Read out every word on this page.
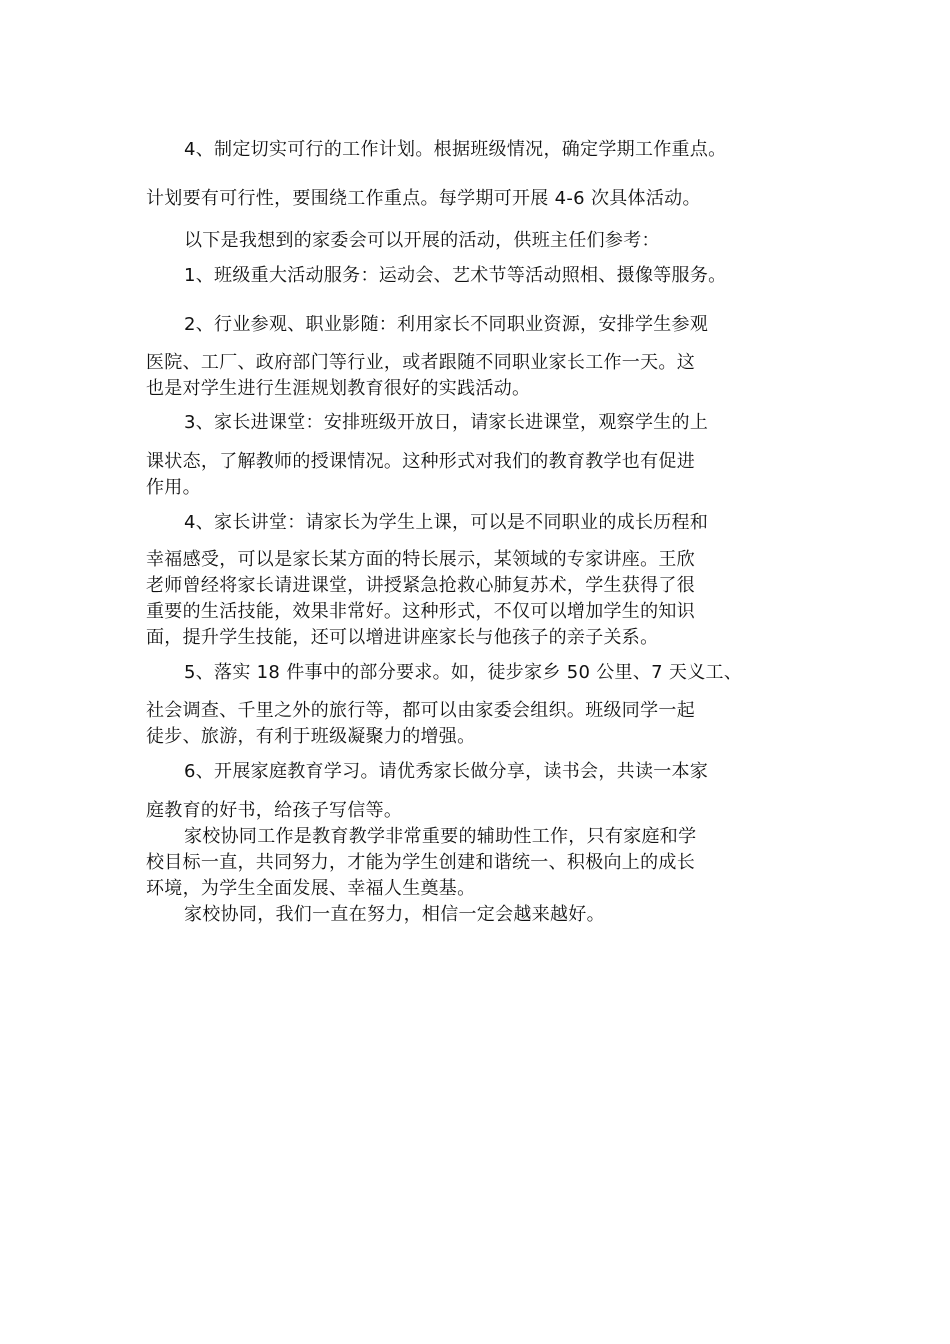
4、制定切实可行的工作计划。根据班级情况，确定学期工作重点。
计划要有可行性，要围绕工作重点。每学期可开展 4-6 次具体活动。
以下是我想到的家委会可以开展的活动，供班主任们参考：
1、班级重大活动服务：运动会、艺术节等活动照相、摄像等服务。
2、行业参观、职业影随：利用家长不同职业资源，安排学生参观
医院、工厂、政府部门等行业，或者跟随不同职业家长工作一天。这
也是对学生进行生涯规划教育很好的实践活动。
3、家长进课堂：安排班级开放日，请家长进课堂，观察学生的上
课状态，了解教师的授课情况。这种形式对我们的教育教学也有促进
作用。
4、家长讲堂：请家长为学生上课，可以是不同职业的成长历程和
幸福感受，可以是家长某方面的特长展示，某领域的专家讲座。王欣
老师曾经将家长请进课堂，讲授紧急抢救心肺复苏术，学生获得了很
重要的生活技能，效果非常好。这种形式，不仅可以增加学生的知识
面，提升学生技能，还可以增进讲座家长与他孩子的亲子关系。
5、落实 18 件事中的部分要求。如，徒步家乡 50 公里、7 天义工、
社会调查、千里之外的旅行等，都可以由家委会组织。班级同学一起
徒步、旅游，有利于班级凝聚力的增强。
6、开展家庭教育学习。请优秀家长做分享，读书会，共读一本家
庭教育的好书，给孩子写信等。
家校协同工作是教育教学非常重要的辅助性工作，只有家庭和学
校目标一直，共同努力，才能为学生创建和谐统一、积极向上的成长
环境，为学生全面发展、幸福人生奠基。
家校协同，我们一直在努力，相信一定会越来越好。
